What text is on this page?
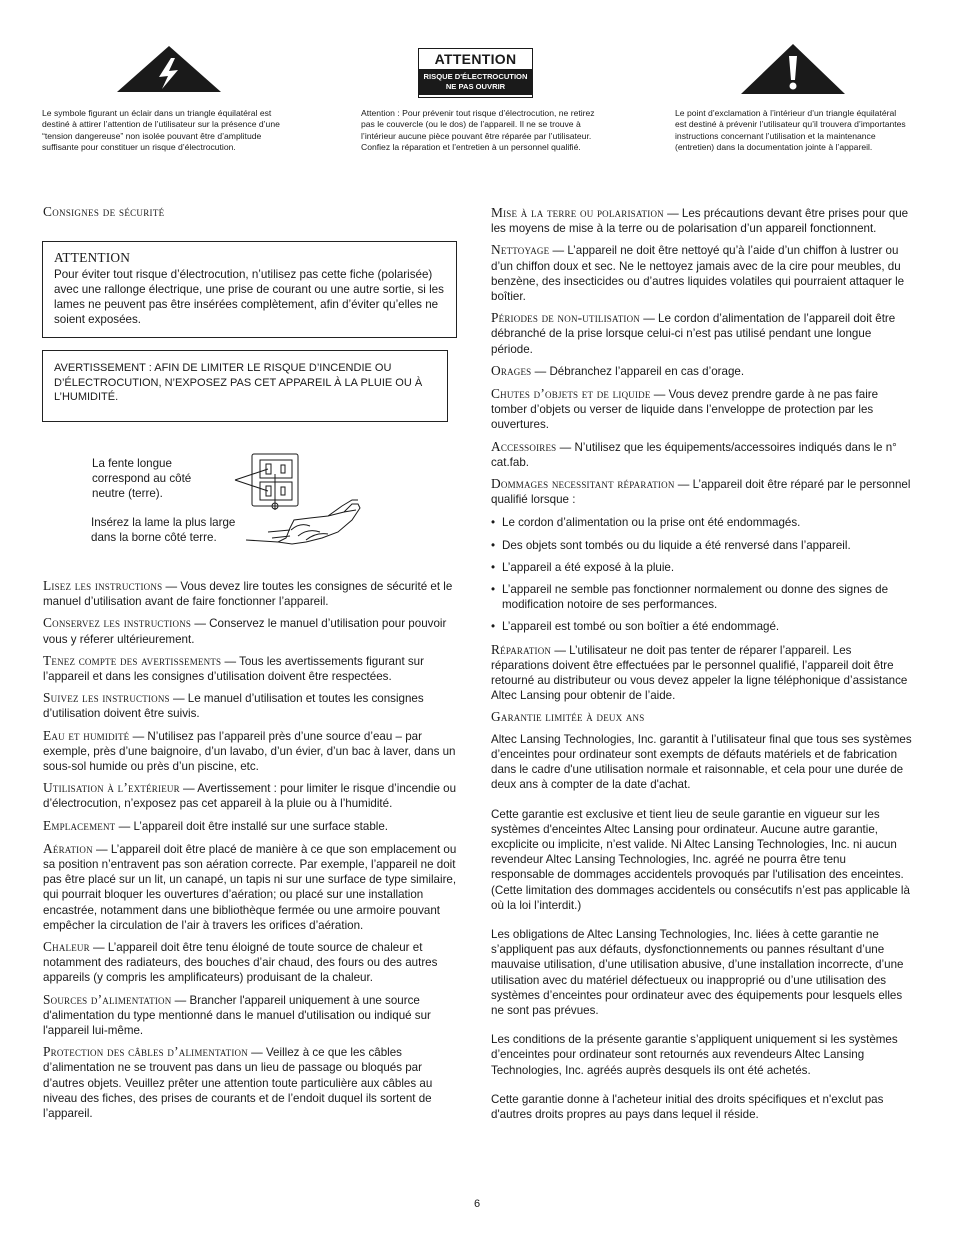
Le symbole figurant un éclair dans un triangle équilatéral est destiné à attirer l’attention de l’utilisateur sur la présence d’une “tension dangereuse” non isolée pouvant être d’amplitude suffisante pour constituer un risque d’électrocution.
ATTENTION
RISQUE D'ÉLECTROCUTION
NE PAS OUVRIR
Attention : Pour prévenir tout risque d’électrocution, ne retirez pas le couvercle (ou le dos) de l’appareil. Il ne se trouve à l’intérieur aucune pièce pouvant être réparée par l’utilisateur. Confiez la réparation et l’entretien à un personnel qualifié.
Le point d’exclamation à l’intérieur d’un triangle équilatéral est destiné à prévenir l’utilisateur qu’il trouvera d’importantes instructions concernant l’utilisation et la maintenance (entretien) dans la documentation jointe à l’appareil.
Consignes de sécurité
ATTENTION
Pour éviter tout risque d’électrocution, n’utilisez pas cette fiche (polarisée) avec une rallonge électrique, une prise de courant ou une autre sortie, si les lames ne peuvent pas être insérées complètement, afin d’éviter qu’elles ne soient exposées.
AVERTISSEMENT : AFIN DE LIMITER LE RISQUE D’INCENDIE OU D’ÉLECTROCUTION, N’EXPOSEZ PAS CET APPAREIL À LA PLUIE OU À L’HUMIDITÉ.
La fente longue correspond au côté neutre (terre).
Insérez la lame la plus large dans la borne côté terre.

Lisez les instructions — Vous devez lire toutes les consignes de sécurité et le manuel d’utilisation avant de faire fonctionner l’appareil.

Conservez les instructions — Conservez le manuel d’utilisation pour pouvoir vous y réferer ultérieurement.

Tenez compte des avertissements — Tous les avertissements figurant sur l’appareil et dans les consignes d’utilisation doivent être respectées.

Suivez les instructions — Le manuel d’utilisation et toutes les consignes d’utilisation doivent être suivis.

Eau et humidité — N’utilisez pas l’appareil près d’une source d’eau – par exemple, près d’une baignoire, d’un lavabo, d’un évier, d’un bac à laver, dans un sous-sol humide ou près d’un piscine, etc.

Utilisation à l’extérieur — Avertissement : pour limiter le risque d’incendie ou d’électrocution, n’exposez pas cet appareil à la pluie ou à l’humidité.

Emplacement — L’appareil doit être installé sur une surface stable.

Aération — L’appareil doit être placé de manière à ce que son emplacement ou sa position n’entravent pas son aération correcte. Par exemple, l’appareil ne doit pas être placé sur un lit, un canapé, un tapis ni sur une surface de type similaire, qui pourrait bloquer les ouvertures d’aération; ou placé sur une installation encastrée, notamment dans une bibliothèque fermée ou une armoire pouvant empêcher la circulation de l’air à travers les orifices d’aération.

Chaleur — L’appareil doit être tenu éloigné de toute source de chaleur et notamment des radiateurs, des bouches d’air chaud, des fours ou des autres appareils (y compris les amplificateurs) produisant de la chaleur.

Sources d’alimentation — Brancher l'appareil uniquement à une source d'alimentation du type mentionné dans le manuel d'utilisation ou indiqué sur l'appareil lui-même.

Protection des câbles d’alimentation — Veillez à ce que les câbles d’alimentation ne se trouvent pas dans un lieu de passage ou bloqués par d’autres objets. Veuillez prêter une attention toute particulière aux câbles au niveau des fiches, des prises de courants et de l’endoit duquel ils sortent de l’appareil.

Mise à la terre ou polarisation — Les précautions devant être prises pour que les moyens de mise à la terre ou de polarisation d’un appareil fonctionnent.

Nettoyage — L’appareil ne doit être nettoyé qu’à l’aide d’un chiffon à lustrer ou d’un chiffon doux et sec. Ne le nettoyez jamais avec de la cire pour meubles, du benzène, des insecticides ou d’autres liquides volatiles qui pourraient attaquer le boîtier.

Périodes de non-utilisation — Le cordon d’alimentation de l’appareil doit être débranché de la prise lorsque celui-ci n’est pas utilisé pendant une longue période.

Orages — Débranchez l’appareil en cas d’orage.

Chutes d’objets et de liquide — Vous devez prendre garde à ne pas faire tomber d’objets ou verser de liquide dans l’enveloppe de protection par les ouvertures.

Accessoires — N’utilisez que les équipements/accessoires indiqués dans le n° cat.fab.

Dommages necessitant réparation — L’appareil doit être réparé par le personnel qualifié lorsque :

• Le cordon d’alimentation ou la prise ont été endommagés.
• Des objets sont tombés ou du liquide a été renversé dans l’appareil.
• L’appareil a été exposé à la pluie.
• L’appareil ne semble pas fonctionner normalement ou donne des signes de modification notoire de ses performances.
• L’appareil est tombé ou son boîtier a été endommagé.

Réparation — L’utilisateur ne doit pas tenter de réparer l’appareil. Les réparations doivent être effectuées par le personnel qualifié, l’appareil doit être retourné au distributeur ou vous devez appeler la ligne téléphonique d’assistance Altec Lansing pour obtenir de l’aide.

Garantie limitée à deux ans

Altec Lansing Technologies, Inc. garantit à l’utilisateur final que tous ses systèmes d’enceintes pour ordinateur sont exempts de défauts matériels et de fabrication dans le cadre d'une utilisation normale et raisonnable, et cela pour une durée de deux ans à compter de la date d'achat.

Cette garantie est exclusive et tient lieu de seule garantie en vigueur sur les systèmes d'enceintes Altec Lansing pour ordinateur. Aucune autre garantie, excplicite ou implicite, n’est valide. Ni Altec Lansing Technologies, Inc. ni aucun revendeur Altec Lansing Technologies, Inc. agréé ne pourra être tenu responsable de dommages accidentels provoqués par l'utilisation des enceintes. (Cette limitation des dommages accidentels ou consécutifs n’est pas applicable là où la loi l’interdit.)

Les obligations de Altec Lansing Technologies, Inc. liées à cette garantie ne s’appliquent pas aux défauts, dysfonctionnements ou pannes résultant d’une mauvaise utilisation, d’une utilisation abusive, d’une installation incorrecte, d’une utilisation avec du matériel défectueux ou inapproprié ou d’une utilisation des systèmes d’enceintes pour ordinateur avec des équipements pour lesquels elles ne sont pas prévues.

Les conditions de la présente garantie s’appliquent uniquement si les systèmes d’enceintes pour ordinateur sont retournés aux revendeurs Altec Lansing Technologies, Inc. agréés auprès desquels ils ont été achetés.

Cette garantie donne à l'acheteur initial des droits spécifiques et n'exclut pas d'autres droits propres au pays dans lequel il réside.

6
